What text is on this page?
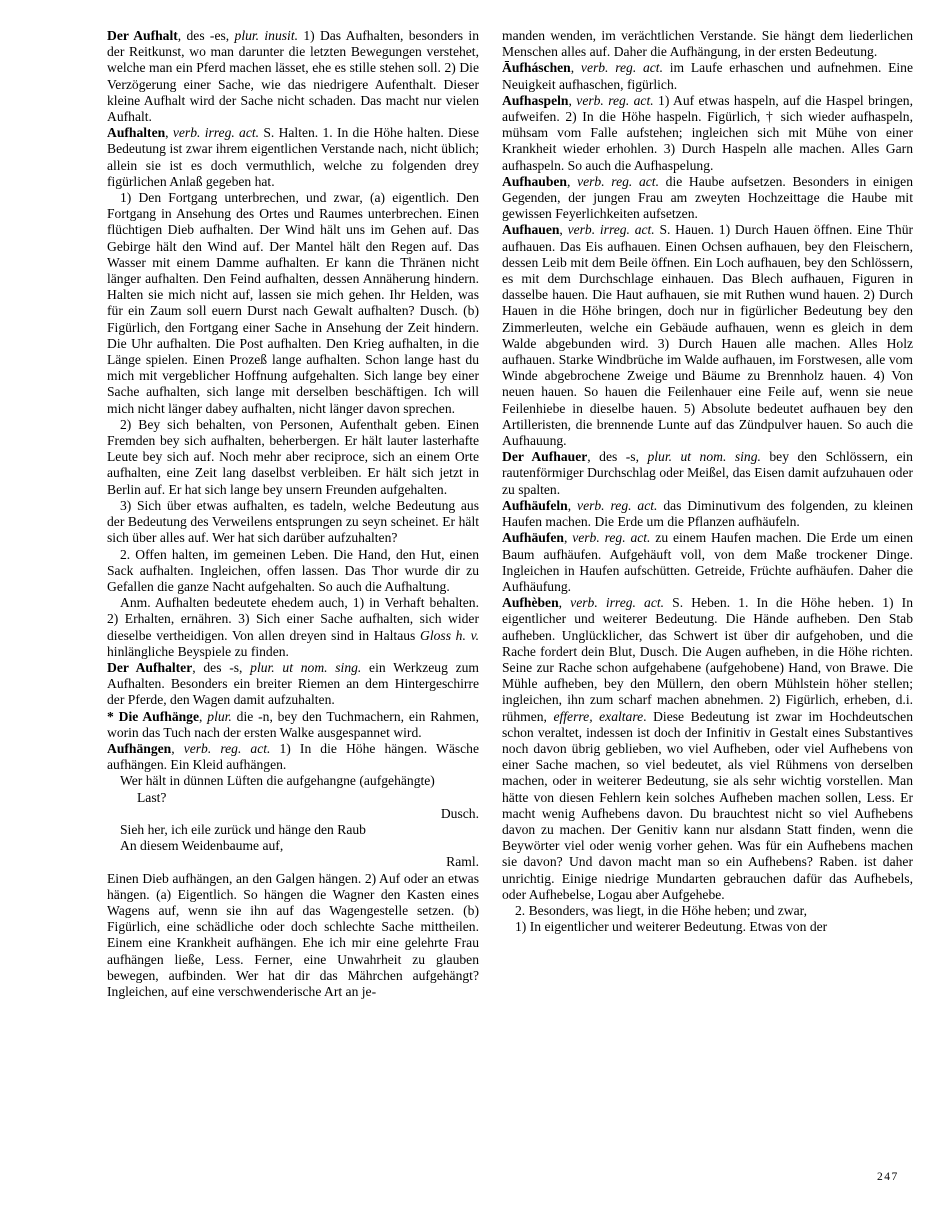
Der Aufhalt, des -es, plur. inusit. 1) Das Aufhalten, besonders in der Reitkunst, wo man darunter die letzten Bewegungen verstehet, welche man ein Pferd machen lässet, ehe es stille stehen soll. 2) Die Verzögerung einer Sache, wie das niedrigere Aufenthalt. Dieser kleine Aufhalt wird der Sache nicht schaden. Das macht nur vielen Aufhalt.

Aufhalten, verb. irreg. act. S. Halten. 1. In die Höhe halten. Diese Bedeutung ist zwar ihrem eigentlichen Verstande nach, nicht üblich; allein sie ist es doch vermuthlich, welche zu folgenden drey figürlichen Anlaß gegeben hat.

1) Den Fortgang unterbrechen, und zwar, (a) eigentlich. Den Fortgang in Ansehung des Ortes und Raumes unterbrechen. Einen flüchtigen Dieb aufhalten. Der Wind hält uns im Gehen auf. Das Gebirge hält den Wind auf. Der Mantel hält den Regen auf. Das Wasser mit einem Damme aufhalten. Er kann die Thränen nicht länger aufhalten. Den Feind aufhalten, dessen Annäherung hindern. Halten sie mich nicht auf, lassen sie mich gehen. Ihr Helden, was für ein Zaum soll euern Durst nach Gewalt aufhalten? Dusch. (b) Figürlich, den Fortgang einer Sache in Ansehung der Zeit hindern. Die Uhr aufhalten. Die Post aufhalten. Den Krieg aufhalten, in die Länge spielen. Einen Prozeß lange aufhalten. Schon lange hast du mich mit vergeblicher Hoffnung aufgehalten. Sich lange bey einer Sache aufhalten, sich lange mit derselben beschäftigen. Ich will mich nicht länger dabey aufhalten, nicht länger davon sprechen.

2) Bey sich behalten, von Personen, Aufenthalt geben. Einen Fremden bey sich aufhalten, beherbergen. Er hält lauter lasterhafte Leute bey sich auf. Noch mehr aber reciproce, sich an einem Orte aufhalten, eine Zeit lang daselbst verbleiben. Er hält sich jetzt in Berlin auf. Er hat sich lange bey unsern Freunden aufgehalten.

3) Sich über etwas aufhalten, es tadeln, welche Bedeutung aus der Bedeutung des Verweilens entsprungen zu seyn scheinet. Er hält sich über alles auf. Wer hat sich darüber aufzuhalten?

2. Offen halten, im gemeinen Leben. Die Hand, den Hut, einen Sack aufhalten. Ingleichen, offen lassen. Das Thor wurde dir zu Gefallen die ganze Nacht aufgehalten. So auch die Aufhaltung.

Anm. Aufhalten bedeutete ehedem auch, 1) in Verhaft behalten. 2) Erhalten, ernähren. 3) Sich einer Sache aufhalten, sich wider dieselbe vertheidigen. Von allen dreyen sind in Haltaus Gloss h. v. hinlängliche Beyspiele zu finden.

Der Aufhalter, des -s, plur. ut nom. sing. ein Werkzeug zum Aufhalten. Besonders ein breiter Riemen an dem Hintergeschirre der Pferde, den Wagen damit aufzuhalten.

* Die Aufhänge, plur. die -n, bey den Tuchmachern, ein Rahmen, worin das Tuch nach der ersten Walke ausgespannet wird.

Aufhängen, verb. reg. act. 1) In die Höhe hängen. Wäsche aufhängen. Ein Kleid aufhängen.

Wer hält in dünnen Lüften die aufgehangne (aufgehängte)

Last?

Dusch.

Sieh her, ich eile zurück und hänge den Raub

An diesem Weidenbaume auf,

Raml.

Einen Dieb aufhängen, an den Galgen hängen. 2) Auf oder an etwas hängen. (a) Eigentlich. So hängen die Wagner den Kasten eines Wagens auf, wenn sie ihn auf das Wagengestelle setzen. (b) Figürlich, eine schädliche oder doch schlechte Sache mittheilen. Einem eine Krankheit aufhängen. Ehe ich mir eine gelehrte Frau aufhängen ließe, Less. Ferner, eine Unwahrheit zu glauben bewegen, aufbinden. Wer hat dir das Mährchen aufgehängt? Ingleichen, auf eine verschwenderische Art an je-

manden wenden, im verächtlichen Verstande. Sie hängt dem liederlichen Menschen alles auf. Daher die Aufhängung, in der ersten Bedeutung.

Āufháschen, verb. reg. act. im Laufe erhaschen und aufnehmen. Eine Neuigkeit aufhaschen, figürlich.

Aufhaspeln, verb. reg. act. 1) Auf etwas haspeln, auf die Haspel bringen, aufweifen. 2) In die Höhe haspeln. Figürlich, † sich wieder aufhaspeln, mühsam vom Falle aufstehen; ingleichen sich mit Mühe von einer Krankheit wieder erhohlen. 3) Durch Haspeln alle machen. Alles Garn aufhaspeln. So auch die Aufhaspelung.

Aufhauben, verb. reg. act. die Haube aufsetzen. Besonders in einigen Gegenden, der jungen Frau am zweyten Hochzeittage die Haube mit gewissen Feyerlichkeiten aufsetzen.

Aufhauen, verb. irreg. act. S. Hauen. 1) Durch Hauen öffnen. Eine Thür aufhauen. Das Eis aufhauen. Einen Ochsen aufhauen, bey den Fleischern, dessen Leib mit dem Beile öffnen. Ein Loch aufhauen, bey den Schlössern, es mit dem Durchschlage einhauen. Das Blech aufhauen, Figuren in dasselbe hauen. Die Haut aufhauen, sie mit Ruthen wund hauen. 2) Durch Hauen in die Höhe bringen, doch nur in figürlicher Bedeutung bey den Zimmerleuten, welche ein Gebäude aufhauen, wenn es gleich in dem Walde abgebunden wird. 3) Durch Hauen alle machen. Alles Holz aufhauen. Starke Windbrüche im Walde aufhauen, im Forstwesen, alle vom Winde abgebrochene Zweige und Bäume zu Brennholz hauen. 4) Von neuen hauen. So hauen die Feilenhauer eine Feile auf, wenn sie neue Feilenhiebe in dieselbe hauen. 5) Absolute bedeutet aufhauen bey den Artilleristen, die brennende Lunte auf das Zündpulver hauen. So auch die Aufhauung.

Der Aufhauer, des -s, plur. ut nom. sing. bey den Schlössern, ein rautenförmiger Durchschlag oder Meißel, das Eisen damit aufzuhauen oder zu spalten.

Aufhäufeln, verb. reg. act. das Diminutivum des folgenden, zu kleinen Haufen machen. Die Erde um die Pflanzen aufhäufeln.

Aufhäufen, verb. reg. act. zu einem Haufen machen. Die Erde um einen Baum aufhäufen. Aufgehäuft voll, von dem Maße trockener Dinge. Ingleichen in Haufen aufschütten. Getreide, Früchte aufhäufen. Daher die Aufhäufung.

Aufhèben, verb. irreg. act. S. Heben. 1. In die Höhe heben. 1) In eigentlicher und weiterer Bedeutung. Die Hände aufheben. Den Stab aufheben. Unglücklicher, das Schwert ist über dir aufgehoben, und die Rache fordert dein Blut, Dusch. Die Augen aufheben, in die Höhe richten. Seine zur Rache schon aufgehabene (aufgehobene) Hand, von Brawe. Die Mühle aufheben, bey den Müllern, den obern Mühlstein höher stellen; ingleichen, ihn zum scharf machen abnehmen. 2) Figürlich, erheben, d.i. rühmen, efferre, exaltare. Diese Bedeutung ist zwar im Hochdeutschen schon veraltet, indessen ist doch der Infinitiv in Gestalt eines Substantives noch davon übrig geblieben, wo viel Aufheben, oder viel Aufhebens von einer Sache machen, so viel bedeutet, als viel Rühmens von derselben machen, oder in weiterer Bedeutung, sie als sehr wichtig vorstellen. Man hätte von diesen Fehlern kein solches Aufheben machen sollen, Less. Er macht wenig Aufhebens davon. Du brauchtest nicht so viel Aufhebens davon zu machen. Der Genitiv kann nur alsdann Statt finden, wenn die Beywörter viel oder wenig vorher gehen. Was für ein Aufhebens machen sie davon? Und davon macht man so ein Aufhebens? Raben. ist daher unrichtig. Einige niedrige Mundarten gebrauchen dafür das Aufhebels, oder Aufhebelse, Logau aber Aufgehebe.

2. Besonders, was liegt, in die Höhe heben; und zwar,

1) In eigentlicher und weiterer Bedeutung. Etwas von der

247
